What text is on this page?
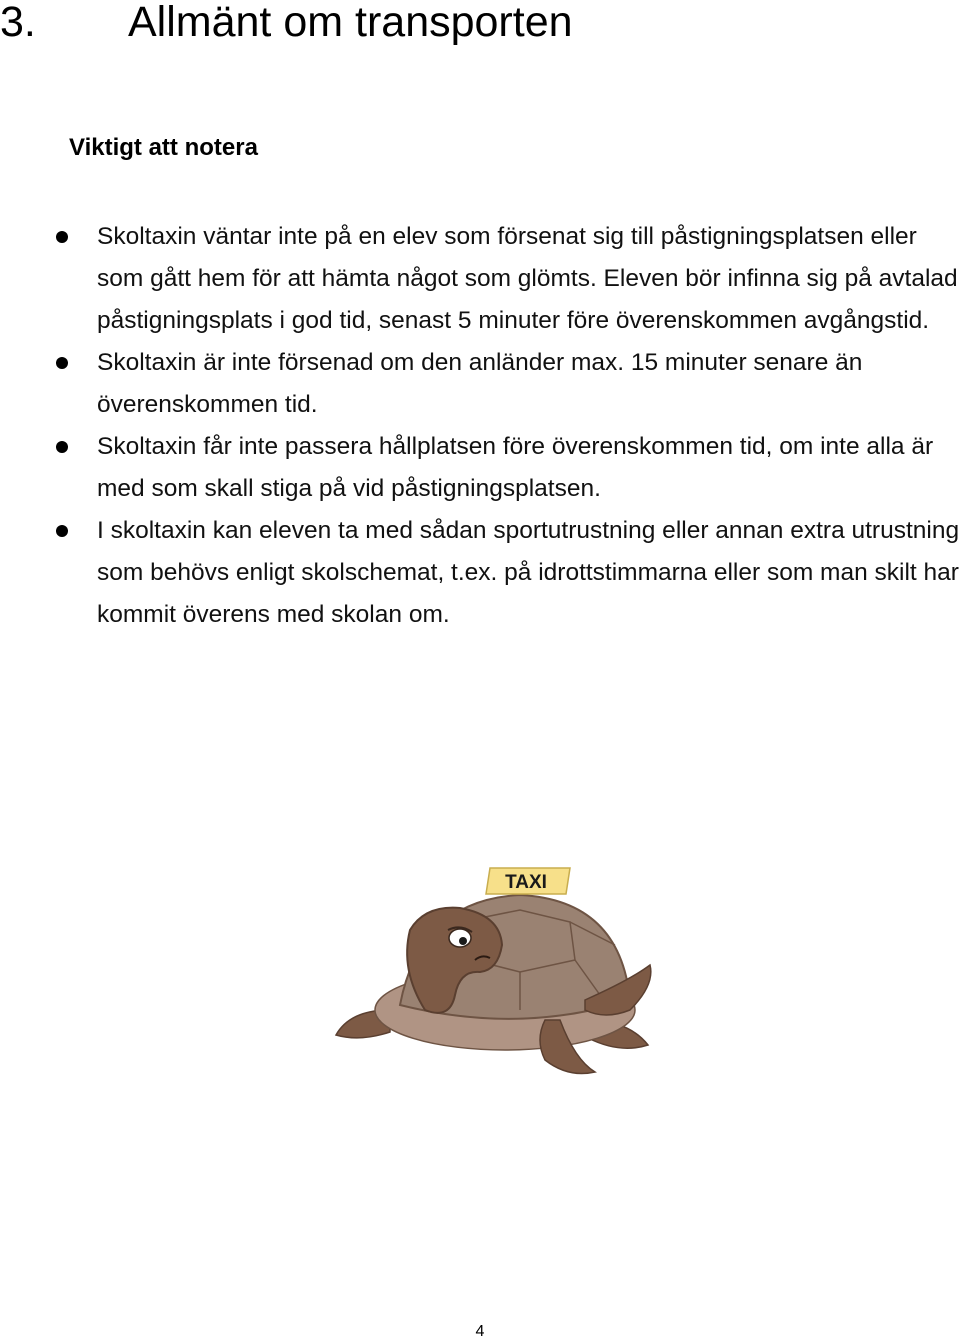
3. Allmänt om transporten
Viktigt att notera
Skoltaxin väntar inte på en elev som försenat sig till påstigningsplatsen eller som gått hem för att hämta något som glömts. Eleven bör infinna sig på avtalad påstigningsplats i god tid, senast 5 minuter före överenskommen avgångstid.
Skoltaxin är inte försenad om den anländer max. 15 minuter senare än överenskommen tid.
Skoltaxin får inte passera hållplatsen före överenskommen tid, om inte alla är med som skall stiga på vid påstigningsplatsen.
I skoltaxin kan eleven ta med sådan sportutrustning eller annan extra utrustning som behövs enligt skolschemat, t.ex. på idrottstimmarna eller som man skilt har kommit överens med skolan om.
TAXI
4
